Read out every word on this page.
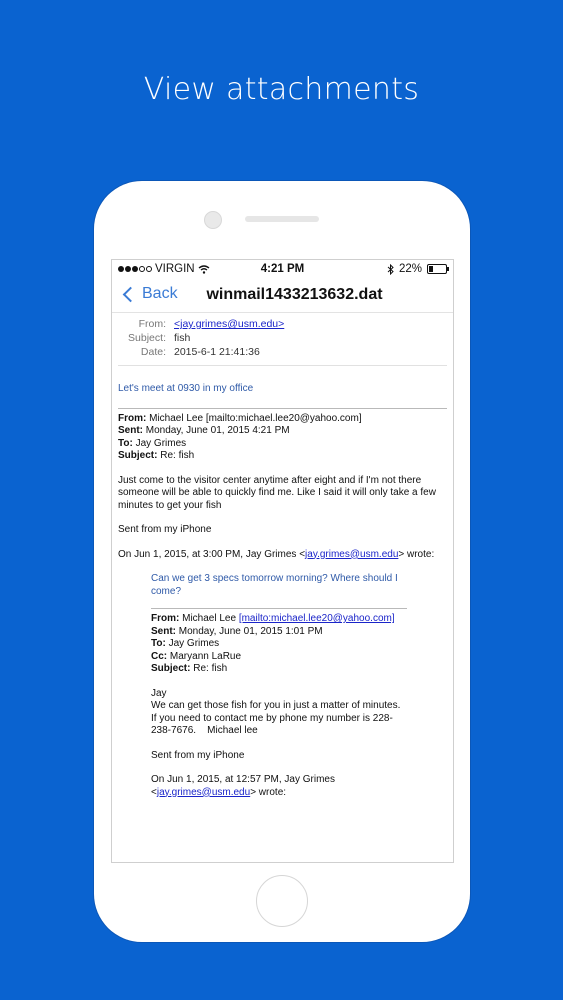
View attachments
VIRGIN	4:21 PM	22%
Back	winmail1433213632.dat
From: <jay.grimes@usm.edu>
Subject: fish
Date: 2015-6-1 21:41:36
Let's meet at 0930 in my office
From: Michael Lee [mailto:michael.lee20@yahoo.com]
Sent: Monday, June 01, 2015 4:21 PM
To: Jay Grimes
Subject: Re: fish
Just come to the visitor center anytime after eight and if I'm not there someone will be able to quickly find me. Like I said it will only take a few minutes to get your fish
Sent from my iPhone
On Jun 1, 2015, at 3:00 PM, Jay Grimes <jay.grimes@usm.edu> wrote:
Can we get 3 specs tomorrow morning? Where should I come?
From: Michael Lee [mailto:michael.lee20@yahoo.com]
Sent: Monday, June 01, 2015 1:01 PM
To: Jay Grimes
Cc: Maryann LaRue
Subject: Re: fish
Jay
We can get those fish for you in just a matter of minutes. If you need to contact me by phone my number is 228-238-7676.    Michael lee
Sent from my iPhone
On Jun 1, 2015, at 12:57 PM, Jay Grimes
<jay.grimes@usm.edu> wrote:
